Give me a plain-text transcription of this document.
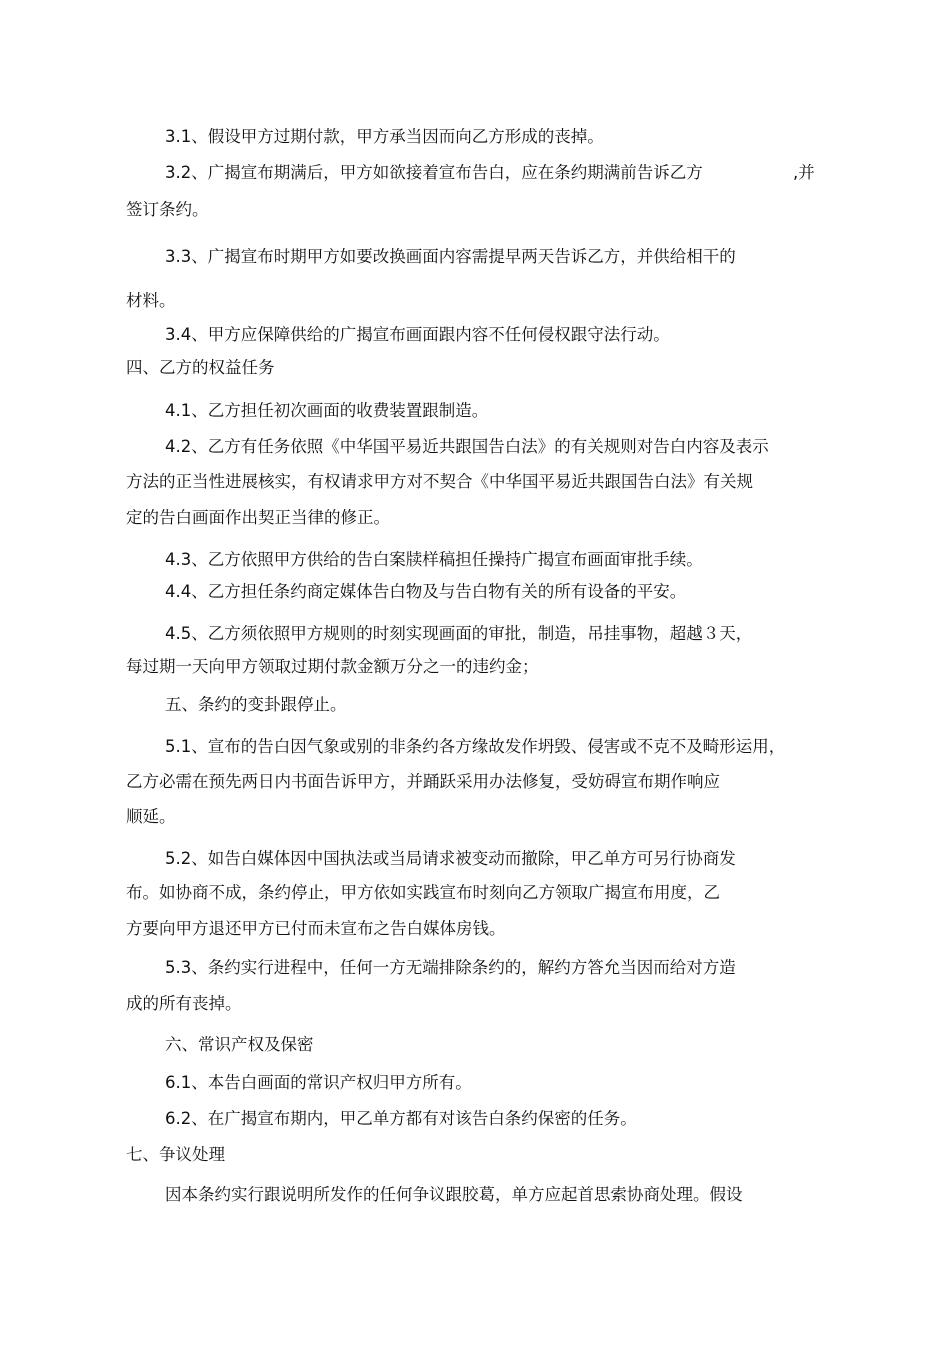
3.1、假设甲方过期付款，甲方承当因而向乙方形成的丧掉。
3.2、广揭宣布期满后，甲方如欲接着宣布告白，应在条约期满前告诉乙方	,并
签订条约。
3.3、广揭宣布时期甲方如要改换画面内容需提早两天告诉乙方，并供给相干的
材料。
3.4、甲方应保障供给的广揭宣布画面跟内容不任何侵权跟守法行动。
四、乙方的权益任务
4.1、乙方担任初次画面的收费装置跟制造。
4.2、乙方有任务依照《中华国平易近共跟国告白法》的有关规则对告白内容及表示
方法的正当性进展核实，有权请求甲方对不契合《中华国平易近共跟国告白法》有关规
定的告白画面作出契正当律的修正。
4.3、乙方依照甲方供给的告白案牍样稿担任操持广揭宣布画面审批手续。
4.4、乙方担任条约商定媒体告白物及与告白物有关的所有设备的平安。
4.5、乙方须依照甲方规则的时刻实现画面的审批，制造，吊挂事物，超越３天，
每过期一天向甲方领取过期付款金额万分之一的违约金；
五、条约的变卦跟停止。
5.1、宣布的告白因气象或别的非条约各方缘故发作坍毁、侵害或不克不及畸形运用，
乙方必需在预先两日内书面告诉甲方，并踊跃采用办法修复，受妨碍宣布期作响应
顺延。
5.2、如告白媒体因中国执法或当局请求被变动而撤除，甲乙单方可另行协商发
布。如协商不成，条约停止，甲方依如实践宣布时刻向乙方领取广揭宣布用度，乙
方要向甲方退还甲方已付而未宣布之告白媒体房钱。
5.3、条约实行进程中，任何一方无端排除条约的，解约方答允当因而给对方造
成的所有丧掉。
六、常识产权及保密
6.1、本告白画面的常识产权归甲方所有。
6.2、在广揭宣布期内，甲乙单方都有对该告白条约保密的任务。
七、争议处理
因本条约实行跟说明所发作的任何争议跟胶葛，单方应起首思索协商处理。假设
